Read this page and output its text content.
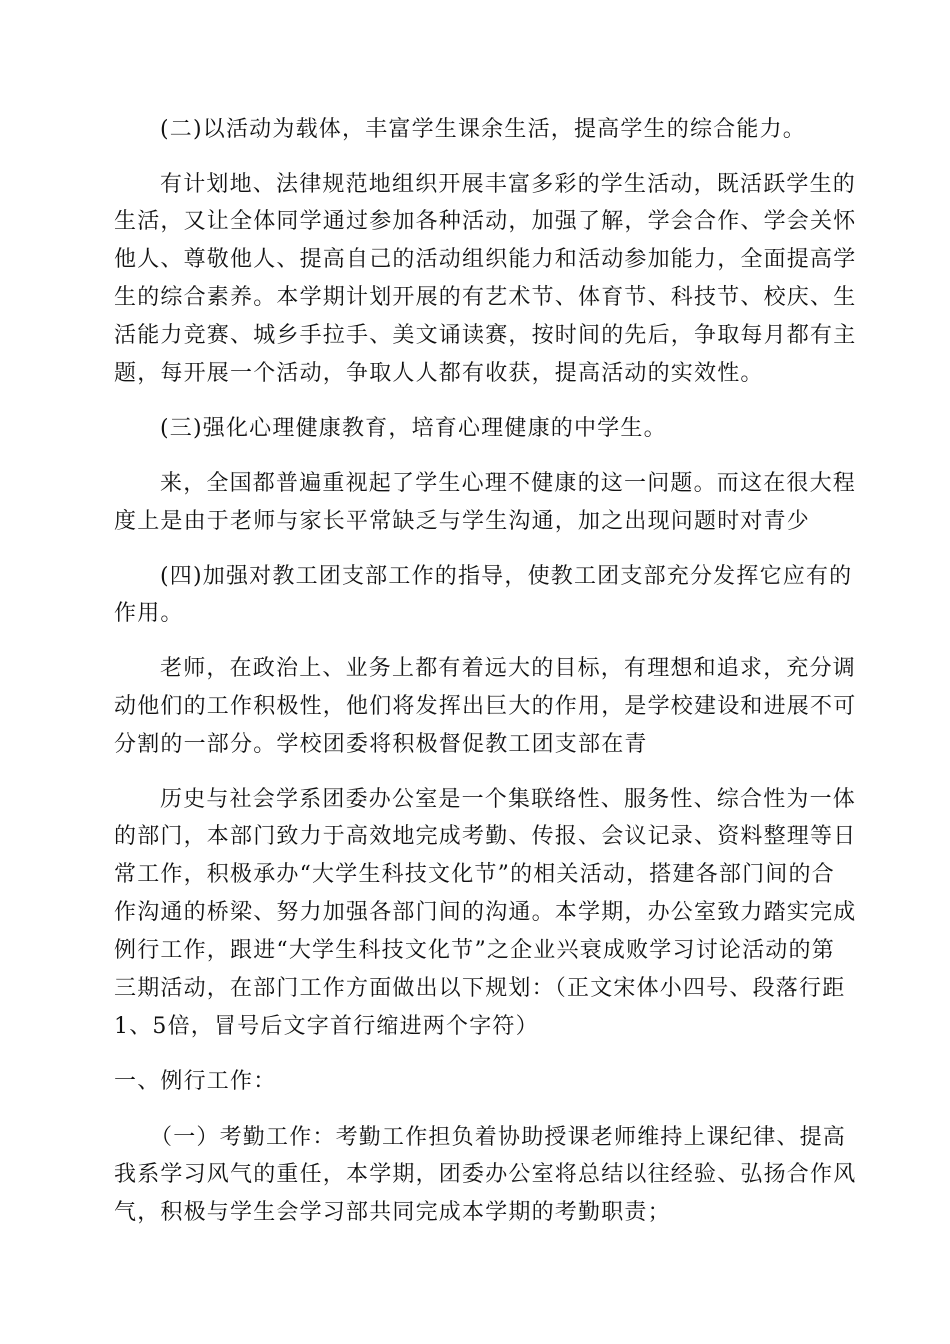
(二)以活动为载体，丰富学生课余生活，提高学生的综合能力。
有计划地、法律规范地组织开展丰富多彩的学生活动，既活跃学生的
生活，又让全体同学通过参加各种活动，加强了解，学会合作、学会关怀
他人、尊敬他人、提高自己的活动组织能力和活动参加能力，全面提高学
生的综合素养。本学期计划开展的有艺术节、体育节、科技节、校庆、生
活能力竞赛、城乡手拉手、美文诵读赛，按时间的先后，争取每月都有主
题，每开展一个活动，争取人人都有收获，提高活动的实效性。
(三)强化心理健康教育，培育心理健康的中学生。
来，全国都普遍重视起了学生心理不健康的这一问题。而这在很大程
度上是由于老师与家长平常缺乏与学生沟通，加之出现问题时对青少
(四)加强对教工团支部工作的指导，使教工团支部充分发挥它应有的
作用。
老师，在政治上、业务上都有着远大的目标，有理想和追求，充分调
动他们的工作积极性，他们将发挥出巨大的作用，是学校建设和进展不可
分割的一部分。学校团委将积极督促教工团支部在青
历史与社会学系团委办公室是一个集联络性、服务性、综合性为一体
的部门，本部门致力于高效地完成考勤、传报、会议记录、资料整理等日
常工作，积极承办“大学生科技文化节”的相关活动，搭建各部门间的合
作沟通的桥梁、努力加强各部门间的沟通。本学期，办公室致力踏实完成
例行工作，跟进“大学生科技文化节”之企业兴衰成败学习讨论活动的第
三期活动，在部门工作方面做出以下规划：（正文宋体小四号、段落行距
1、5倍，冒号后文字首行缩进两个字符）
一、例行工作：
（一）考勤工作：考勤工作担负着协助授课老师维持上课纪律、提高
我系学习风气的重任，本学期，团委办公室将总结以往经验、弘扬合作风
气，积极与学生会学习部共同完成本学期的考勤职责；
